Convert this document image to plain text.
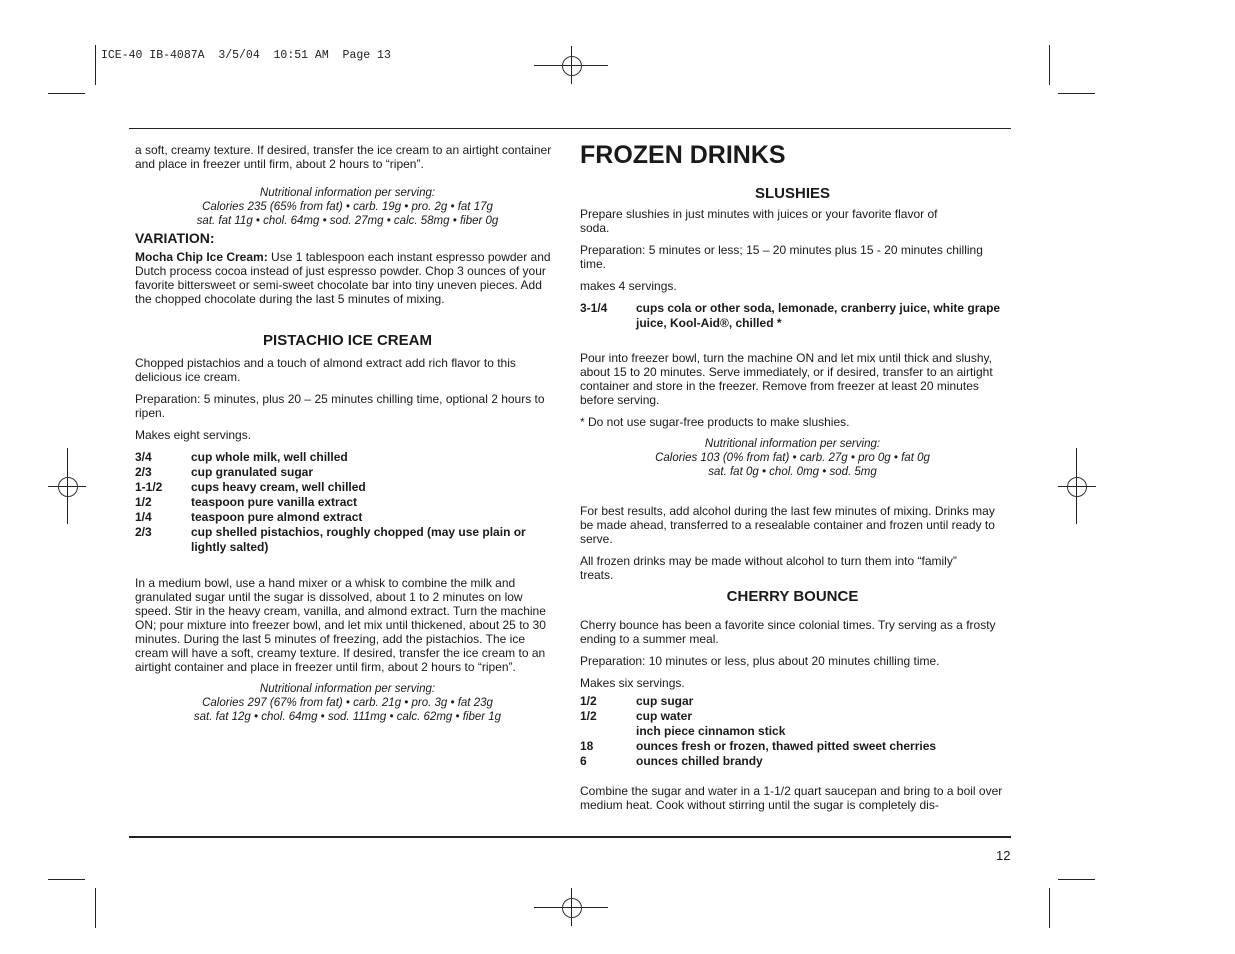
ICE-40 IB-4087A  3/5/04  10:51 AM  Page 13

a soft, creamy texture. If desired, transfer the ice cream to an airtight container and place in freezer until firm, about 2 hours to “ripen”.

Nutritional information per serving:

Calories 235 (65% from fat) • carb. 19g • pro. 2g • fat 17g

sat. fat 11g • chol. 64mg • sod. 27mg • calc. 58mg • fiber 0g

VARIATION:

Mocha Chip Ice Cream: Use 1 tablespoon each instant espresso powder and Dutch process cocoa instead of just espresso powder. Chop 3 ounces of your favorite bittersweet or semi-sweet chocolate bar into tiny uneven pieces. Add the chopped chocolate during the last 5 minutes of mixing.

PISTACHIO ICE CREAM

Chopped pistachios and a touch of almond extract add rich flavor to this delicious ice cream.

Preparation: 5 minutes, plus 20 – 25 minutes chilling time, optional 2 hours to ripen.

Makes eight servings.

3/4	cup whole milk, well chilled
2/3	cup granulated sugar
1-1/2	cups heavy cream, well chilled
1/2	teaspoon pure vanilla extract
1/4	teaspoon pure almond extract
2/3	cup shelled pistachios, roughly chopped (may use plain or lightly salted)

In a medium bowl, use a hand mixer or a whisk to combine the milk and granulated sugar until the sugar is dissolved, about 1 to 2 minutes on low speed. Stir in the heavy cream, vanilla, and almond extract. Turn the machine ON; pour mixture into freezer bowl, and let mix until thickened, about 25 to 30 minutes. During the last 5 minutes of freezing, add the pistachios. The ice cream will have a soft, creamy texture. If desired, transfer the ice cream to an airtight container and place in freezer until firm, about 2 hours to “ripen”.

Nutritional information per serving:

Calories 297 (67% from fat) • carb. 21g • pro. 3g • fat 23g

sat. fat 12g • chol. 64mg • sod. 111mg • calc. 62mg • fiber 1g

FROZEN DRINKS

SLUSHIES

Prepare slushies in just minutes with juices or your favorite flavor of soda.

Preparation: 5 minutes or less; 15 – 20 minutes plus 15 - 20 minutes chilling time.

makes 4 servings.

3-1/4	cups cola or other soda, lemonade, cranberry juice, white grape juice, Kool-Aid®, chilled *

Pour into freezer bowl, turn the machine ON and let mix until thick and slushy, about 15 to 20 minutes. Serve immediately, or if desired, transfer to an airtight container and store in the freezer. Remove from freezer at least 20 minutes before serving.

* Do not use sugar-free products to make slushies.

Nutritional information per serving:

Calories 103 (0% from fat) • carb. 27g • pro 0g • fat 0g

sat. fat 0g • chol. 0mg • sod. 5mg

For best results, add alcohol during the last few minutes of mixing. Drinks may be made ahead, transferred to a resealable container and frozen until ready to serve.

All frozen drinks may be made without alcohol to turn them into “family” treats.

CHERRY BOUNCE

Cherry bounce has been a favorite since colonial times. Try serving as a frosty ending to a summer meal.

Preparation: 10 minutes or less, plus about 20 minutes chilling time.

Makes six servings.

1/2	cup sugar
1/2	cup water
inch piece cinnamon stick
18	ounces fresh or frozen, thawed pitted sweet cherries
6	ounces chilled brandy

Combine the sugar and water in a 1-1/2 quart saucepan and bring to a boil over medium heat. Cook without stirring until the sugar is completely dis-

12
